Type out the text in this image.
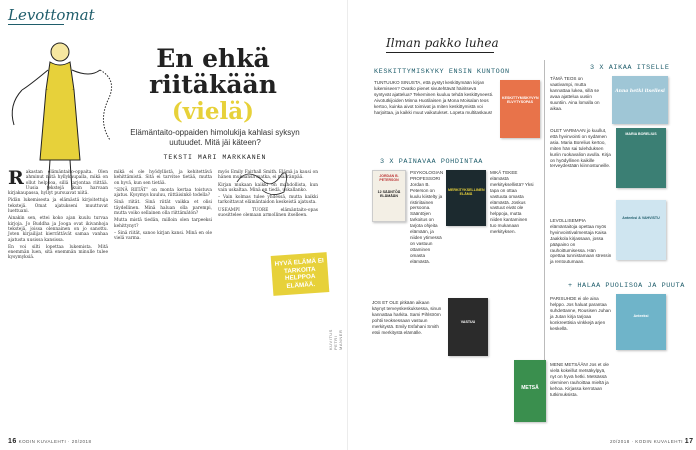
Levottomat
En ehkä
riitäkään
(vielä)
Elämäntaito-oppaiden himolukija kahlasi syksyn uutuudet. Mitä jäi käteen?
TEKSTI MARI MARKKANEN
R akastan elämäntaito-oppaita. Olen ahminut niitä hyllykaupalla, mikä on ollut helppoa, sillä tarjontaa riittää. Uusia tekstejä kuin harvaan kirjakaupassa, hyllyt pursuavat niitä.

Pidän lukemisesta ja elämästä kirjoitettuja tekstejä. Omat ajatukseni muuttuvat luettuani.

Ainakin sen, ettei koko ajan kuulu turvaa kirjoja. Jo Buddha ja Jooga ovat ikivanhoja tekstejä, joissa olennainen on jo sanottu. Joten kirjailijat kierrättävät samaa vanhaa ajatusta uusissa kansissa.

En voi silti lopettaa lukemista. Mitä enemmän luen, sitä enemmän minulle tulee kysymyksiä.

mikä ei ole hyödyllistä, ja kehitettävä kehittämistä. Sitä ei tarvitse tietää, mutta on hyvä, kun sen tietää.

”SINÄ RIITÄT” on monta kertaa toistuva ajatus. Kysymys kuuluu, riittäisinkö todella?

Sinä riität. Sinä riität vaikka et olisi täydellinen. Minä haluan olla parempi, mutta voiko sellainen olla riittämätön?

Mutta mistä tiedän, milloin olen tarpeeksi kehittynyt?

– Sinä riität, sanoo kirjan kansi. Minä en ole vielä varma.

myös Emily Fairhall Smith. Elämä ja kausi on hänen mukaansa matka, ei määränpää.

Kirjan mukaan kaikki on mahdollista, kun vain uskaltaa. Minä en tiedä, uskallanko.

– Vain kolmas tulee yhdessä, mutta kaikki tarkoittavat elämäntaidon keskeistä ajatusta.

USEAMPI TUORE elämäntaito-opas suosittelee olemaan armollinen itselleen.

HYVÄ ELÄMÄ EI TARKOITA HELPPOA ELÄMÄÄ.
KUVITUS PETRI MANNER
16 KODIN KUVALEHTI · 20/2018
Ilman pakko luhea
KESKITTYMISKYKY ENSIN KUNTOON
TUNTUUKO SINUSTA, että pystyt keskittymään kirjan lukemiseen? Ovatko pienet sivutehtävät häiritsevä syntyvät ajattelua? Tekeminen kuuluu tehdä keskittyneesti. Aivotutkijoiden Minna Huotilaisen ja Mona Moisalan teos kertoo, kuinka aivot toimivat ja miten keskittymistä voi harjoittaa, ja kaikki muut vaikutukset. Lopeta multitaskaus!
KESKITTYMISKYVYN ELVYTYSOPAS
3 X PAINAVAA POHDINTAA
JORDAN B. PETERSON
12 SÄÄNTÖÄ ELÄMÄÄN
PSYKOLOGIAN PROFESSORI Jordan B. Peterson on kuulu kiistelty ja ristiriitainen persoona. Sääntöjen tarkoitus on tarjota ohjeita elämään, ja niiden ytimessä on vastuun ottaminen omasta elämästä.
MERKITYKSELLINEN ELÄMÄ
MIKÄ TEKEE elämästä merkityksellistä? Yksi tapa on ottaa vastuuta omasta elämästä. Joskus vastuut eivät ole helppoja, mutta niiden kantaminen tuo mukanaan merkityksen.
JOS ET OLE pitkään aikaan käynyt terveyskeskuksessa, sinun kannattaa harkita. Sami Pihlström pohtii teoksessaan vastuun merkitystä. Emily Esfahani Smith etsii merkitystä elämälle.
VASTUU
3 X AIKAA ITSELLE
TÄMÄ TEOS on vaativampi, mutta kannattaa lukea, sillä se avaa ajattelua uusiin suuntiin. Aina lomalla on aikaa.
Anna hetki itsellesi
OLET VARMAAN jo kuullut, että hyvinvointi on sydämen asia. Maria Borelius kertoo, miten hän sai tulehduksen kuriin ruokavalion avulla. Kirja on hyödyllinen kaikille terveydestään kiinnostuneille.
MARIA BORELIUS
LEVOLLISEMPIA elämäntaitoja opettaa myös hyvinvointivalmentaja Kaisa Jaakkola kirjassaan, jossa pääpaino on rauhoittumisessa. Hän opettaa tunnistamaan stressin ja rentoutumaan.
Anteeksi & VAHVISTU
+ HALAA PUOLISOA JA PUUTA
PARISUHDE ei ole aina helppo. Jos haluat parantaa suhdettanne, Rousisen Juhan ja Jutan kirja tarjoaa konkreettisia vinkkejä arjen keskellä.
Anteeksi
MENE METSÄÄN! Jos et ole vielä kokeillut metsäkylpyä, nyt on hyvä hetki. Metsässä oleminen rauhoittaa mieltä ja kehoa. Kirjassa kerrotaan tutkimuksista.
METSÄ
20/2018 · KODIN KUVALEHTI 17
